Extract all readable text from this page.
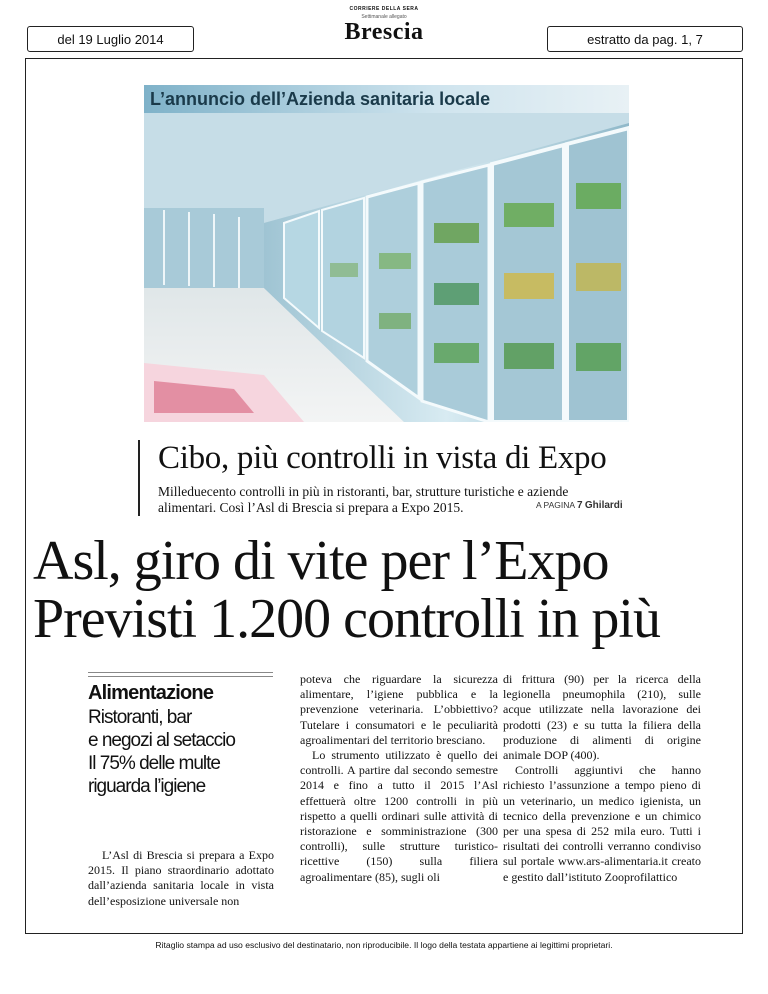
del 19 Luglio 2014
CORRIERE DELLA SERA
Settimanale allegato
Brescia	estratto da pag. 1, 7
L’annuncio dell’Azienda sanitaria locale
Cibo, più controlli in vista di Expo
Milleduecento controlli in più in ristoranti, bar, strutture turistiche e aziende alimentari. Così l’Asl di Brescia si prepara a Expo 2015.	A PAGINA 7 Ghilardi
Asl, giro di vite per l’Expo
Previsti 1.200 controlli in più
Alimentazione
Ristoranti, bar
e negozi al setaccio
Il 75% delle multe
riguarda l’igiene
L’Asl di Brescia si prepara a Expo 2015. Il piano straordinario adottato dall’azienda sanitaria locale in vista dell’esposizione universale non

poteva che riguardare la sicurezza alimentare, l’igiene pubblica e la prevenzione veterinaria. L’obbiettivo? Tutelare i consumatori e le peculiarità agroalimentari del territorio bresciano.

Lo strumento utilizzato è quello dei controlli. A partire dal secondo semestre 2014 e fino a tutto il 2015 l’Asl effettuerà oltre 1200 controlli in più rispetto a quelli ordinari sulle attività di ristorazione e somministrazione (300 controlli), sulle strutture turistico-ricettive (150) sulla filiera agroalimentare (85), sugli oli

di frittura (90) per la ricerca della legionella pneumophila (210), sulle acque utilizzate nella lavorazione dei prodotti (23) e su tutta la filiera della produzione di alimenti di origine animale DOP (400).

Controlli aggiuntivi che hanno richiesto l’assunzione a tempo pieno di un veterinario, un medico igienista, un tecnico della prevenzione e un chimico per una spesa di 252 mila euro. Tutti i risultati dei controlli verranno condiviso sul portale www.ars-alimentaria.it creato e gestito dall’istituto Zooprofilattico

Ritaglio stampa ad uso esclusivo del destinatario, non riproducibile. Il logo della testata appartiene ai legittimi proprietari.
